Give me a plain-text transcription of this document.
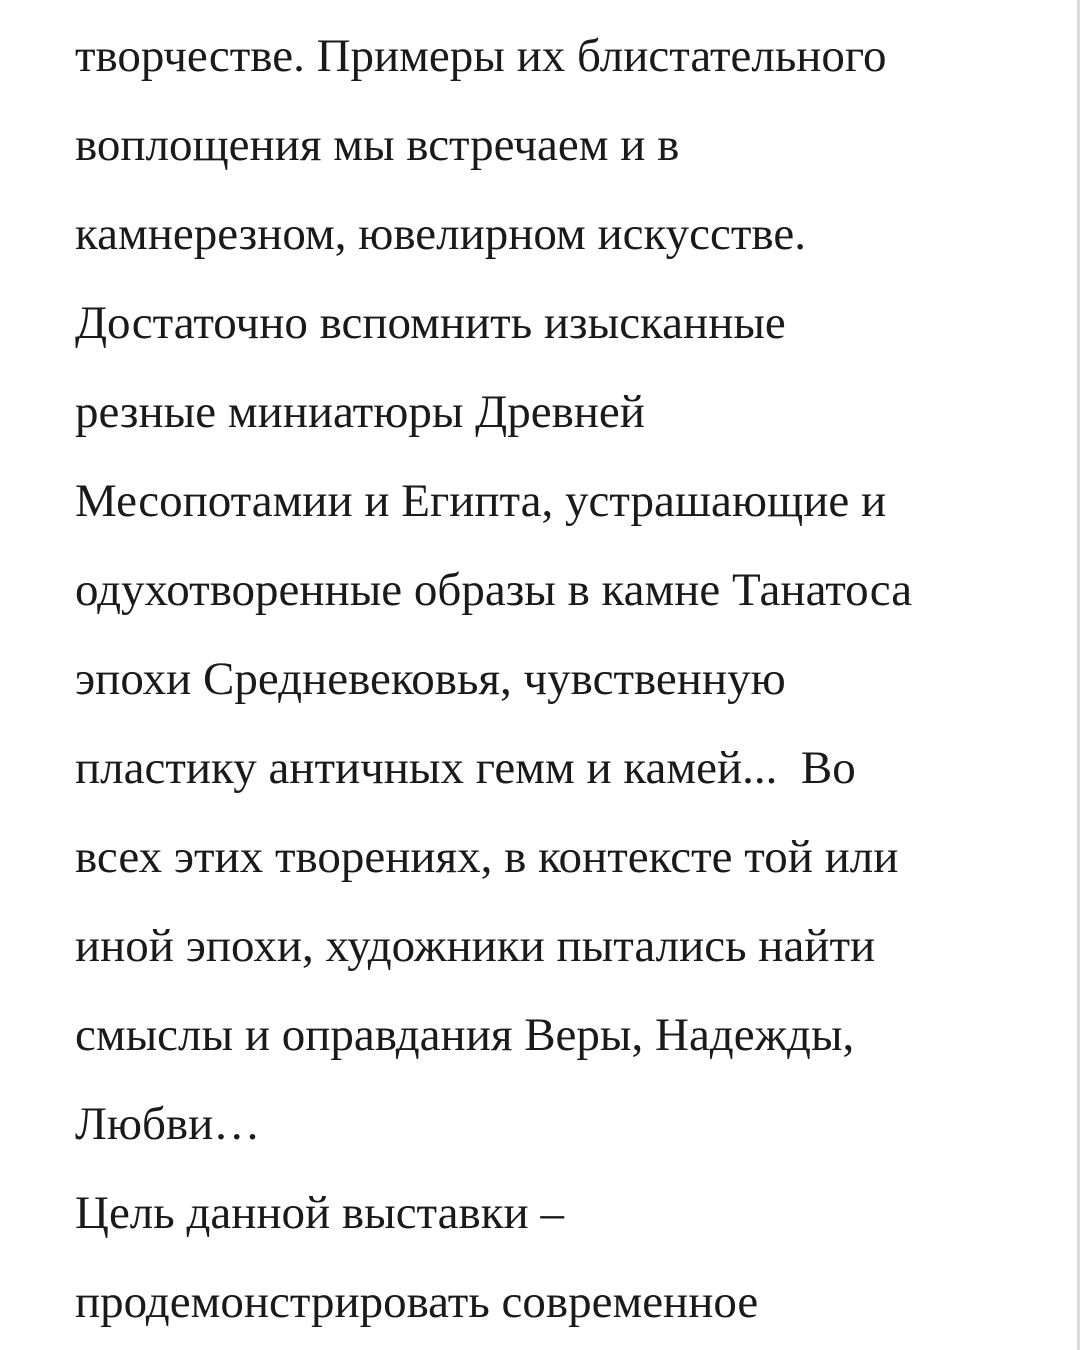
творчестве. Примеры их блистательного
воплощения мы встречаем и в
камнерезном, ювелирном искусстве.
Достаточно вспомнить изысканные
резные миниатюры Древней
Месопотамии и Египта, устрашающие и
одухотворенные образы в камне Танатоса
эпохи Средневековья, чувственную
пластику античных гемм и камей...  Во
всех этих творениях, в контексте той или
иной эпохи, художники пытались найти
смыслы и оправдания Веры, Надежды,
Любви…
Цель данной выставки –
продемонстрировать современное
